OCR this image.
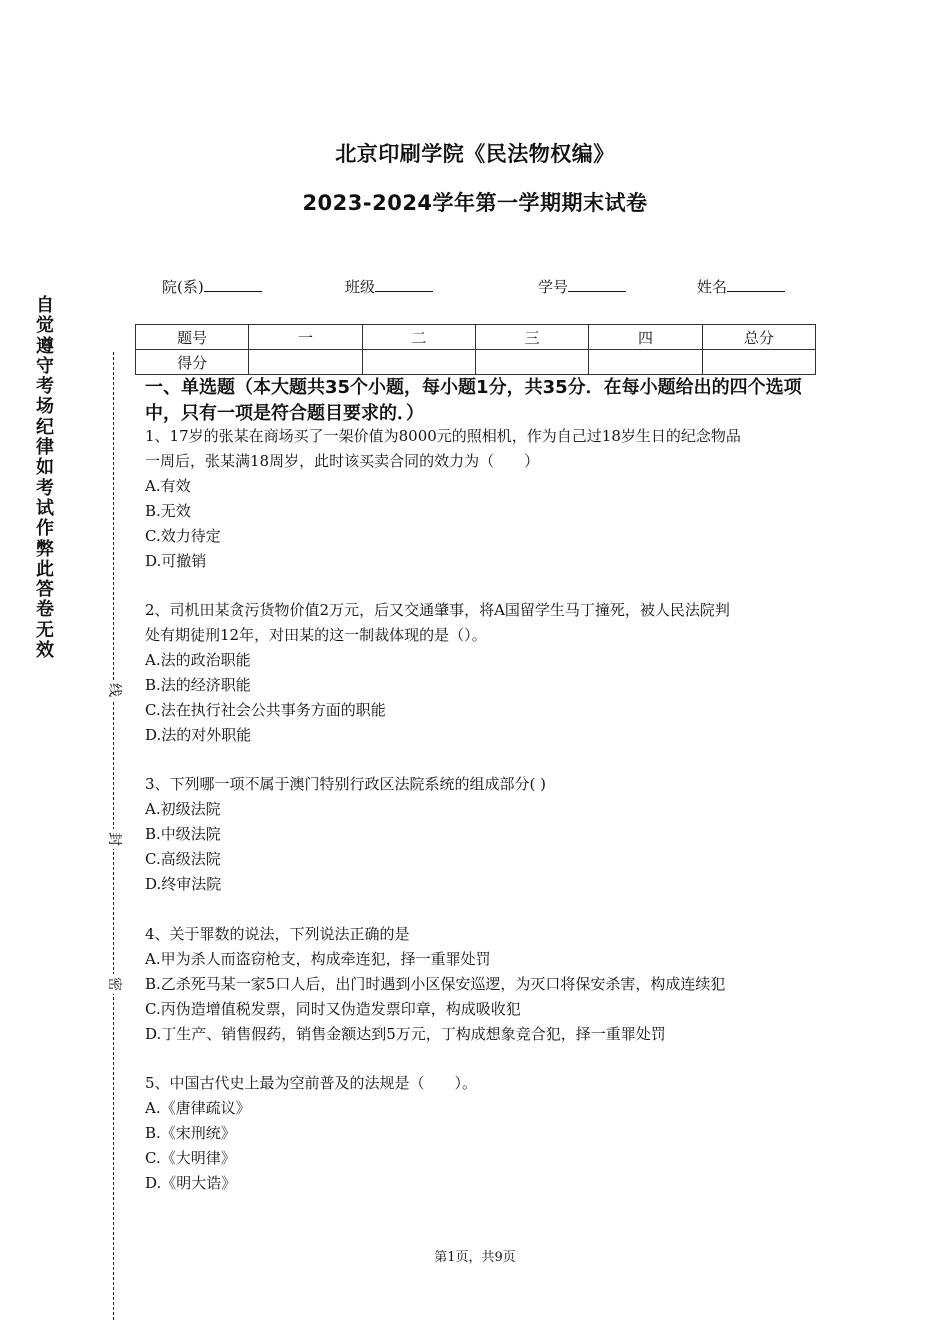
北京印刷学院《民法物权编》
2023-2024学年第一学期期末试卷
院(系)	班级	学号	姓名
题号	一	二	三	四	总分
得分					
自
觉
遵
守
考
场
纪
律
如
考
试
作
弊
此
答
卷
无
效
线
封
密
一、单选题（本大题共35个小题，每小题1分，共35分．在每小题给出的四个选项中，只有一项是符合题目要求的．）
1、17岁的张某在商场买了一架价值为8000元的照相机，作为自己过18岁生日的纪念物品
一周后，张某满18周岁，此时该买卖合同的效力为（　　）
A.有效
B.无效
C.效力待定
D.可撤销
2、司机田某贪污货物价值2万元，后又交通肇事，将A国留学生马丁撞死，被人民法院判
处有期徒刑12年，对田某的这一制裁体现的是（）。
A.法的政治职能
B.法的经济职能
C.法在执行社会公共事务方面的职能
D.法的对外职能
3、下列哪一项不属于澳门特别行政区法院系统的组成部分( )
A.初级法院
B.中级法院
C.高级法院
D.终审法院
4、关于罪数的说法，下列说法正确的是
A.甲为杀人而盗窃枪支，构成牵连犯，择一重罪处罚
B.乙杀死马某一家5口人后，出门时遇到小区保安巡逻，为灭口将保安杀害，构成连续犯
C.丙伪造增值税发票，同时又伪造发票印章，构成吸收犯
D.丁生产、销售假药，销售金额达到5万元，丁构成想象竞合犯，择一重罪处罚
5、中国古代史上最为空前普及的法规是（　　）。
A.《唐律疏议》
B.《宋刑统》
C.《大明律》
D.《明大诰》
第1页，共9页
